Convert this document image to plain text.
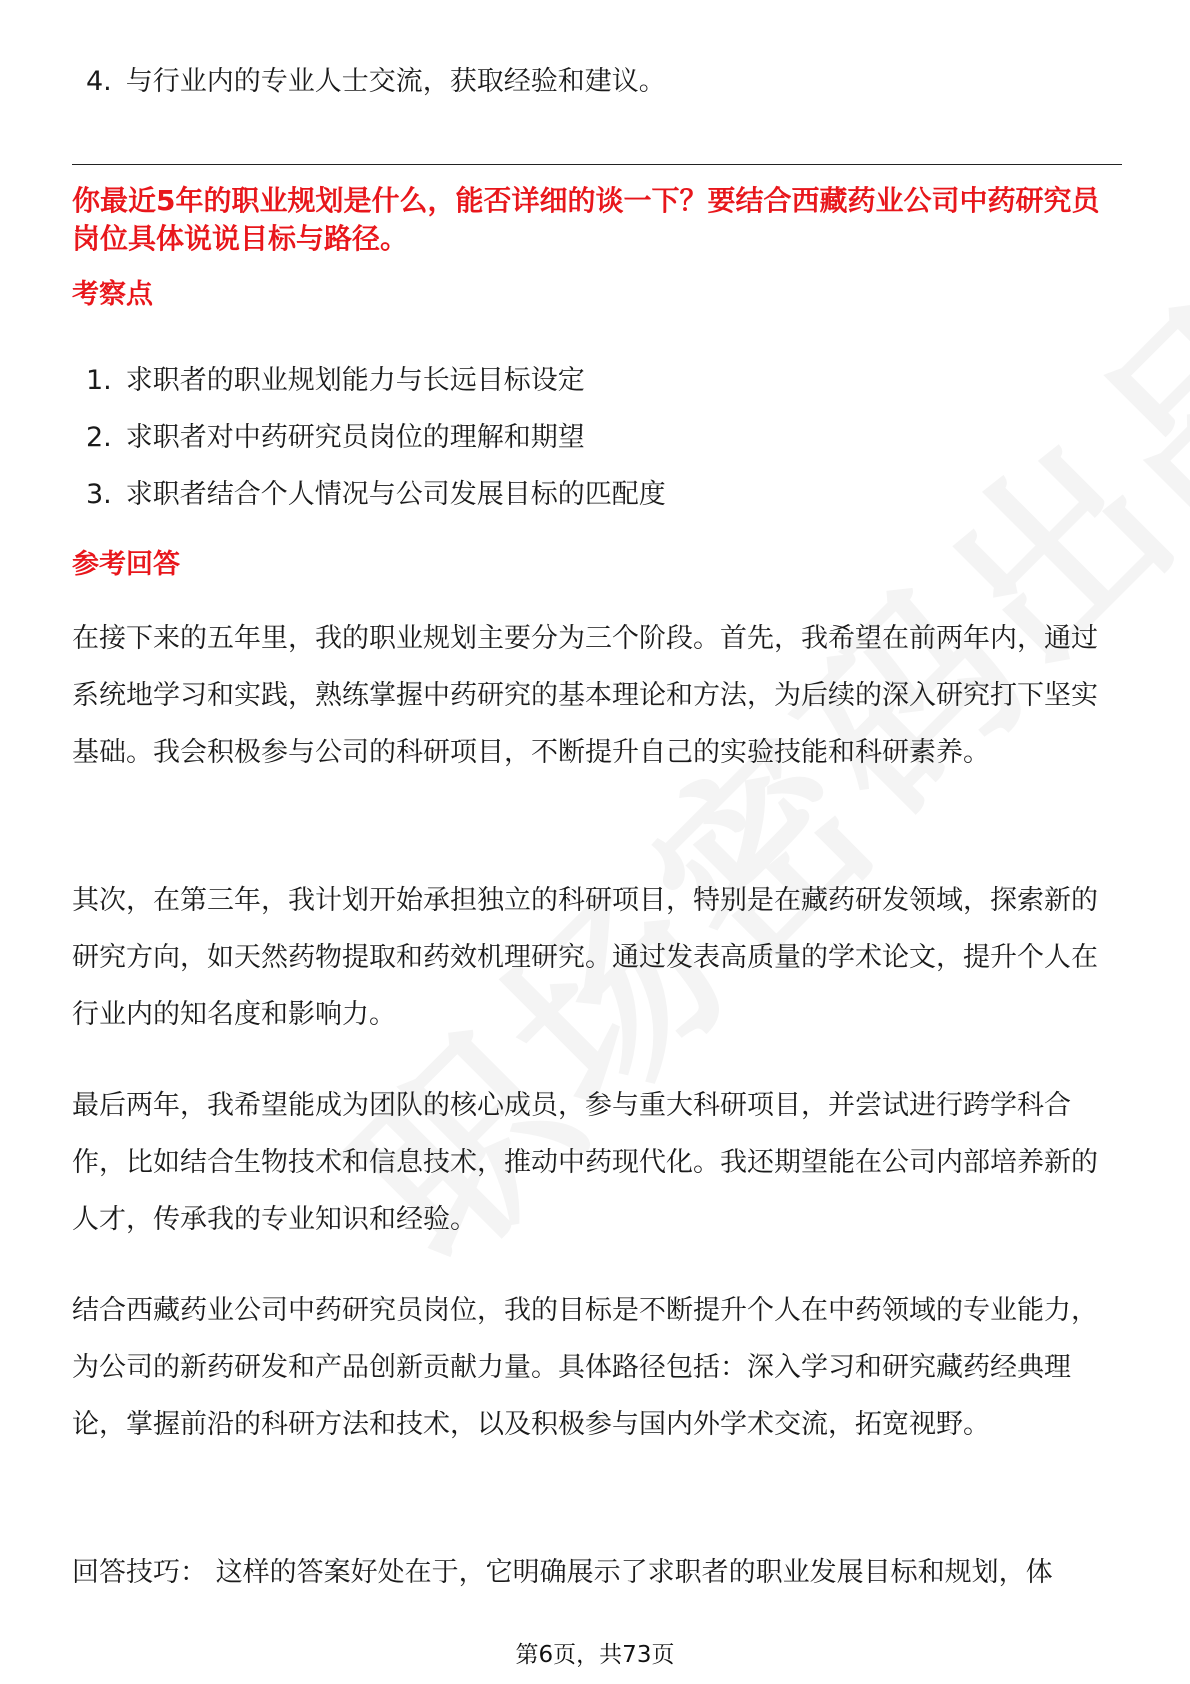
4. 与行业内的专业人士交流，获取经验和建议。
你最近5年的职业规划是什么，能否详细的谈一下？要结合西藏药业公司中药研究员岗位具体说说目标与路径。
考察点
1. 求职者的职业规划能力与长远目标设定
2. 求职者对中药研究员岗位的理解和期望
3. 求职者结合个人情况与公司发展目标的匹配度
参考回答

在接下来的五年里，我的职业规划主要分为三个阶段。首先，我希望在前两年内，通过系统地学习和实践，熟练掌握中药研究的基本理论和方法，为后续的深入研究打下坚实基础。我会积极参与公司的科研项目，不断提升自己的实验技能和科研素养。

其次，在第三年，我计划开始承担独立的科研项目，特别是在藏药研发领域，探索新的研究方向，如天然药物提取和药效机理研究。通过发表高质量的学术论文，提升个人在行业内的知名度和影响力。

最后两年，我希望能成为团队的核心成员，参与重大科研项目，并尝试进行跨学科合作，比如结合生物技术和信息技术，推动中药现代化。我还期望能在公司内部培养新的人才，传承我的专业知识和经验。

结合西藏药业公司中药研究员岗位，我的目标是不断提升个人在中药领域的专业能力，为公司的新药研发和产品创新贡献力量。具体路径包括：深入学习和研究藏药经典理论，掌握前沿的科研方法和技术，以及积极参与国内外学术交流，拓宽视野。

回答技巧： 这样的答案好处在于，它明确展示了求职者的职业发展目标和规划，体

第6页，共73页
